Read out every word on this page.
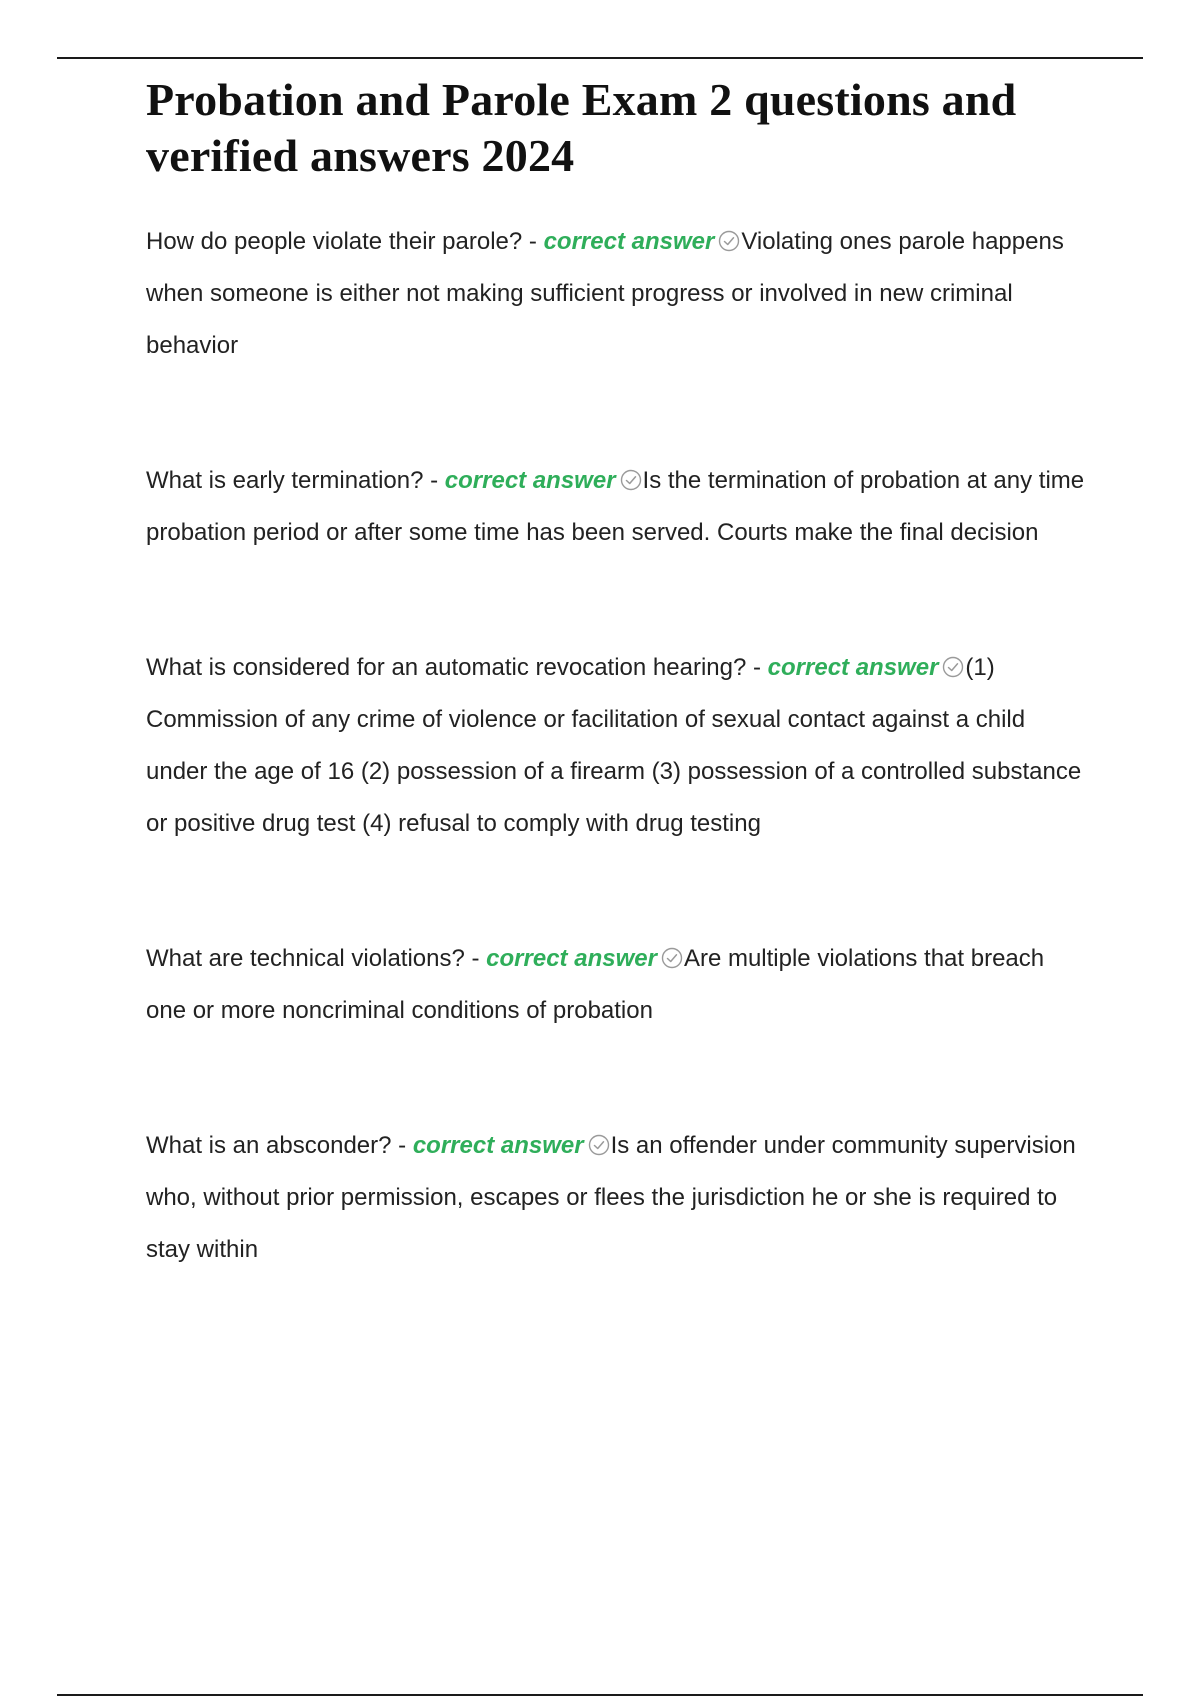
Probation and Parole Exam 2 questions and verified answers 2024
How do people violate their parole? - correct answer Violating ones parole happens when someone is either not making sufficient progress or involved in new criminal behavior
What is early termination? - correct answer Is the termination of probation at any time probation period or after some time has been served. Courts make the final decision
What is considered for an automatic revocation hearing? - correct answer (1) Commission of any crime of violence or facilitation of sexual contact against a child under the age of 16 (2) possession of a firearm (3) possession of a controlled substance or positive drug test (4) refusal to comply with drug testing
What are technical violations? - correct answer Are multiple violations that breach one or more noncriminal conditions of probation
What is an absconder? - correct answer Is an offender under community supervision who, without prior permission, escapes or flees the jurisdiction he or she is required to stay within
